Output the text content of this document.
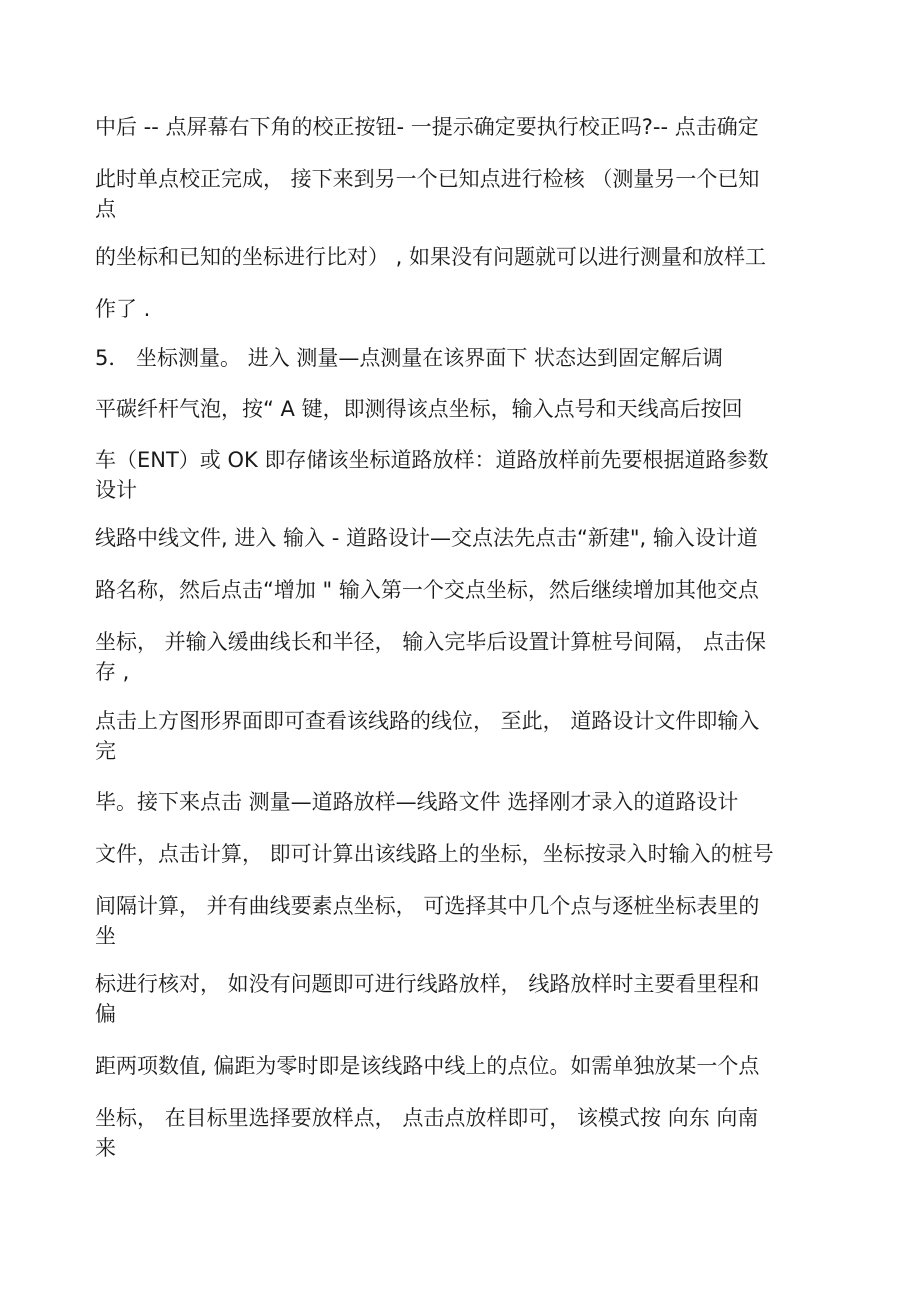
中后 -- 点屏幕右下角的校正按钮- 一提示确定要执行校正吗?-- 点击确定
此时单点校正完成， 接下来到另一个已知点进行检核 （测量另一个已知
点
的坐标和已知的坐标进行比对） , 如果没有问题就可以进行测量和放样工
作了 .
5． 坐标测量。 进入 测量—点测量在该界面下 状态达到固定解后调
平碳纤杆气泡，按“ A 键，即测得该点坐标，输入点号和天线高后按回
车（ENT）或 OK 即存储该坐标道路放样：道路放样前先要根据道路参数
设计
线路中线文件, 进入 输入 - 道路设计—交点法先点击“新建", 输入设计道
路名称，然后点击“增加 " 输入第一个交点坐标，然后继续增加其他交点
坐标， 并输入缓曲线长和半径， 输入完毕后设置计算桩号间隔， 点击保
存 ,
点击上方图形界面即可查看该线路的线位， 至此， 道路设计文件即输入
完
毕。接下来点击 测量—道路放样—线路文件 选择刚才录入的道路设计
文件，点击计算， 即可计算出该线路上的坐标，坐标按录入时输入的桩号
间隔计算， 并有曲线要素点坐标， 可选择其中几个点与逐桩坐标表里的
坐
标进行核对， 如没有问题即可进行线路放样， 线路放样时主要看里程和
偏
距两项数值, 偏距为零时即是该线路中线上的点位。如需单独放某一个点
坐标， 在目标里选择要放样点， 点击点放样即可， 该模式按 向东 向南
来
